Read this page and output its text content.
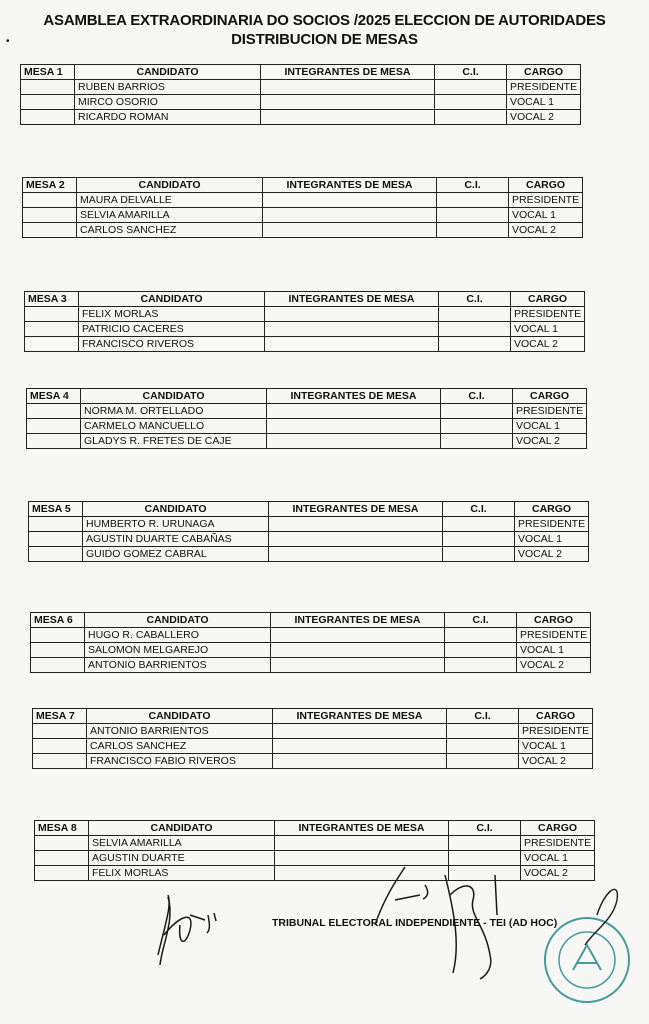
ASAMBLEA EXTRAORDINARIA DO SOCIOS /2025 ELECCION DE AUTORIDADES
DISTRIBUCION DE MESAS
•
MESA 1	CANDIDATO	INTEGRANTES DE MESA	C.I.	CARGO
	RUBEN BARRIOS			PRESIDENTE
	MIRCO OSORIO			VOCAL 1
	RICARDO ROMAN			VOCAL 2
MESA 2	CANDIDATO	INTEGRANTES DE MESA	C.I.	CARGO
	MAURA DELVALLE			PRESIDENTE
	SELVIA AMARILLA			VOCAL 1
	CARLOS SANCHEZ			VOCAL 2
MESA 3	CANDIDATO	INTEGRANTES DE MESA	C.I.	CARGO
	FELIX MORLAS			PRESIDENTE
	PATRICIO CACERES			VOCAL 1
	FRANCISCO RIVEROS			VOCAL 2
MESA 4	CANDIDATO	INTEGRANTES DE MESA	C.I.	CARGO
	NORMA M. ORTELLADO			PRESIDENTE
	CARMELO MANCUELLO			VOCAL 1
	GLADYS R. FRETES DE CAJE			VOCAL 2
MESA 5	CANDIDATO	INTEGRANTES DE MESA	C.I.	CARGO
	HUMBERTO R. URUNAGA			PRESIDENTE
	AGUSTIN DUARTE CABAÑAS			VOCAL 1
	GUIDO GOMEZ CABRAL			VOCAL 2
MESA 6	CANDIDATO	INTEGRANTES DE MESA	C.I.	CARGO
	HUGO R. CABALLERO			PRESIDENTE
	SALOMON MELGAREJO			VOCAL 1
	ANTONIO BARRIENTOS			VOCAL 2
MESA 7	CANDIDATO	INTEGRANTES DE MESA	C.I.	CARGO
	ANTONIO BARRIENTOS			PRESIDENTE
	CARLOS SANCHEZ			VOCAL 1
	FRANCISCO FABIO RIVEROS			VOCAL 2
MESA 8	CANDIDATO	INTEGRANTES DE MESA	C.I.	CARGO
	SELVIA AMARILLA			PRESIDENTE
	AGUSTIN DUARTE			VOCAL 1
	FELIX MORLAS			VOCAL 2
TRIBUNAL ELECTORAL INDEPENDIENTE - TEI (AD HOC)
